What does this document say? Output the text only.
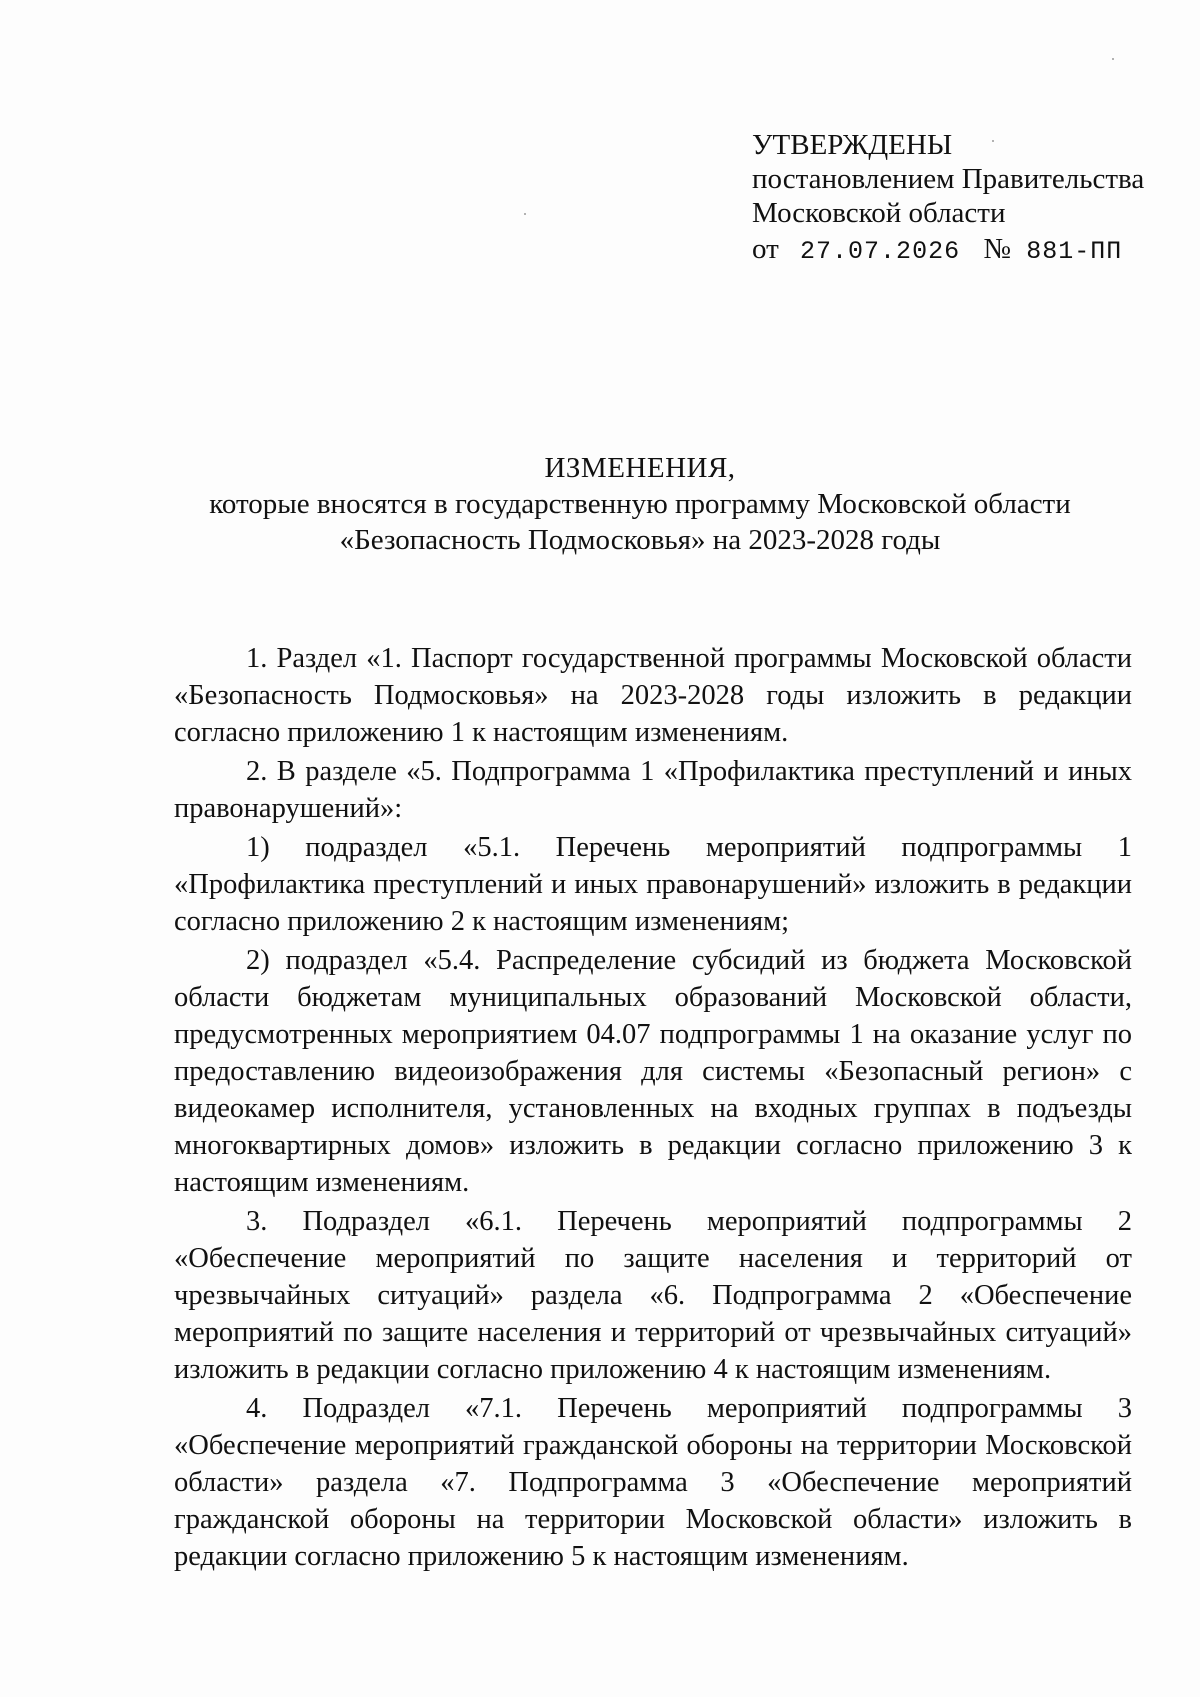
УТВЕРЖДЕНЫ
постановлением Правительства
Московской области
от 27.07.2026 № 881-ПП
ИЗМЕНЕНИЯ,
которые вносятся в государственную программу Московской области
«Безопасность Подмосковья» на 2023-2028 годы

1. Раздел «1. Паспорт государственной программы Московской области «Безопасность Подмосковья» на 2023-2028 годы изложить в редакции согласно приложению 1 к настоящим изменениям.

2. В разделе «5. Подпрограмма 1 «Профилактика преступлений и иных правонарушений»:

1) подраздел «5.1. Перечень мероприятий подпрограммы 1 «Профилактика преступлений и иных правонарушений» изложить в редакции согласно приложению 2 к настоящим изменениям;

2) подраздел «5.4. Распределение субсидий из бюджета Московской области бюджетам муниципальных образований Московской области, предусмотренных мероприятием 04.07 подпрограммы 1 на оказание услуг по предоставлению видеоизображения для системы «Безопасный регион» с видеокамер исполнителя, установленных на входных группах в подъезды многоквартирных домов» изложить в редакции согласно приложению 3 к настоящим изменениям.

3. Подраздел «6.1. Перечень мероприятий подпрограммы 2 «Обеспечение мероприятий по защите населения и территорий от чрезвычайных ситуаций» раздела «6. Подпрограмма 2 «Обеспечение мероприятий по защите населения и территорий от чрезвычайных ситуаций» изложить в редакции согласно приложению 4 к настоящим изменениям.

4. Подраздел «7.1. Перечень мероприятий подпрограммы 3 «Обеспечение мероприятий гражданской обороны на территории Московской области» раздела «7. Подпрограмма 3 «Обеспечение мероприятий гражданской обороны на территории Московской области» изложить в редакции согласно приложению 5 к настоящим изменениям.
